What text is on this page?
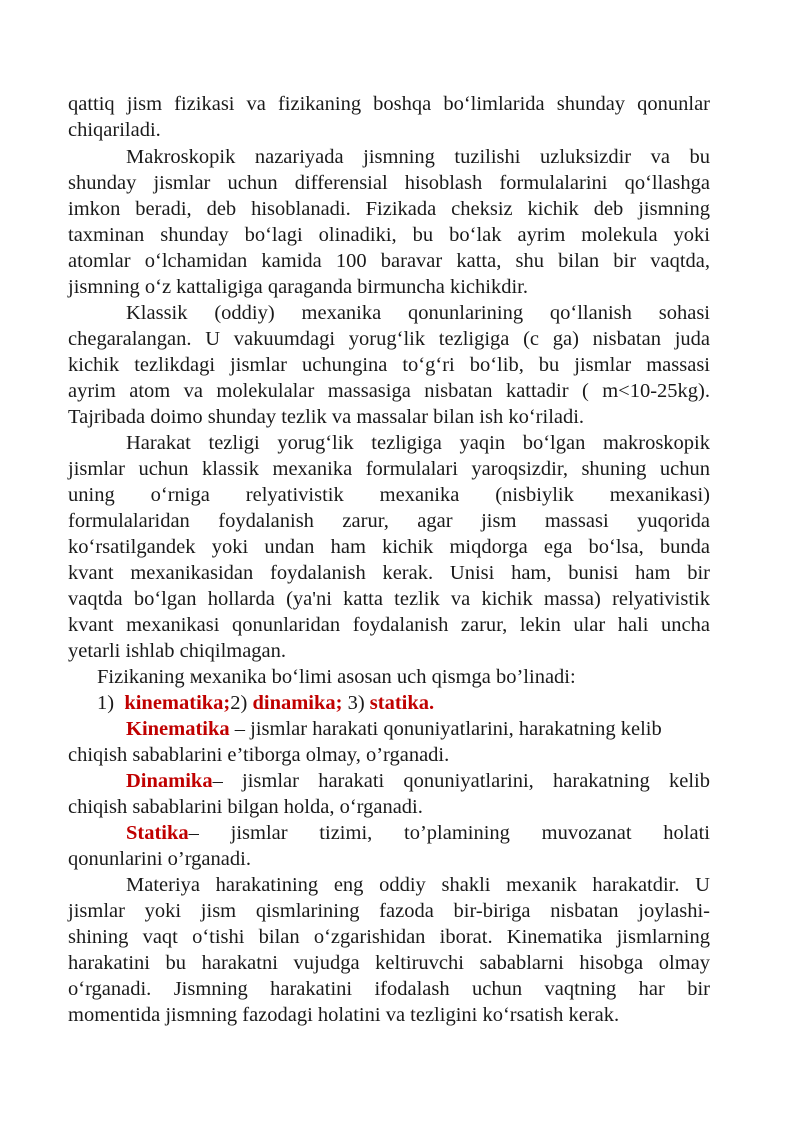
qattiq jism fizikasi va fizikaning boshqa bo‘limlarida shunday qonunlar
chiqariladi.
Makroskopik nazariyada jismning tuzilishi uzluksizdir va bu
shunday jismlar uchun differensial hisoblash formulalarini qo‘llashga
imkon beradi, deb hisoblanadi. Fizikada cheksiz kichik deb jismning
taxminan shunday bo‘lagi olinadiki, bu bo‘lak ayrim molekula yoki
atomlar o‘lchamidan kamida 100 baravar katta, shu bilan bir vaqtda,
jismning o‘z kattaligiga qaraganda birmuncha kichikdir.
Klassik (oddiy) mexanika qonunlarining qo‘llanish sohasi
chegaralangan. U vakuumdagi yorug‘lik tezligiga (c ga) nisbatan juda
kichik tezlikdagi jismlar uchungina to‘g‘ri bo‘lib, bu jismlar massasi
ayrim atom va molekulalar massasiga nisbatan kattadir ( m<10-25kg).
Tajribada doimo shunday tezlik va massalar bilan ish ko‘riladi.
Harakat tezligi yorug‘lik tezligiga yaqin bo‘lgan makroskopik
jismlar uchun klassik mexanika formulalari yaroqsizdir, shuning uchun
uning o‘rniga relyativistik mexanika (nisbiylik mexanikasi)
formulalaridan foydalanish zarur, agar jism massasi yuqorida
ko‘rsatilgandek yoki undan ham kichik miqdorga ega bo‘lsa, bunda
kvant mexanikasidan foydalanish kerak. Unisi ham, bunisi ham bir
vaqtda bo‘lgan hollarda (ya'ni katta tezlik va kichik massa) relyativistik
kvant mexanikasi qonunlaridan foydalanish zarur, lekin ular hali uncha
yetarli ishlab chiqilmagan.
Fizikaning мexanika bo‘limi asosan uch qismga bo’linadi:
1) kinematika;2) dinamika; 3) statika.
Kinematika – jismlar harakati qonuniyatlarini, harakatning kelib
chiqish sabablarini e’tiborga olmay, o’rganadi.
Dinamika– jismlar harakati qonuniyatlarini, harakatning kelib
chiqish sabablarini bilgan holda, o‘rganadi.
Statika– jismlar tizimi, to’plamining muvozanat holati
qonunlarini o’rganadi.
Materiya harakatining eng oddiy shakli mexanik harakatdir. U
jismlar yoki jism qismlarining fazoda bir-biriga nisbatan joylashi-
shining vaqt o‘tishi bilan o‘zgarishidan iborat. Kinematika jismlarning
harakatini bu harakatni vujudga keltiruvchi sabablarni hisobga olmay
o‘rganadi. Jismning harakatini ifodalash uchun vaqtning har bir
momentida jismning fazodagi holatini va tezligini ko‘rsatish kerak.
